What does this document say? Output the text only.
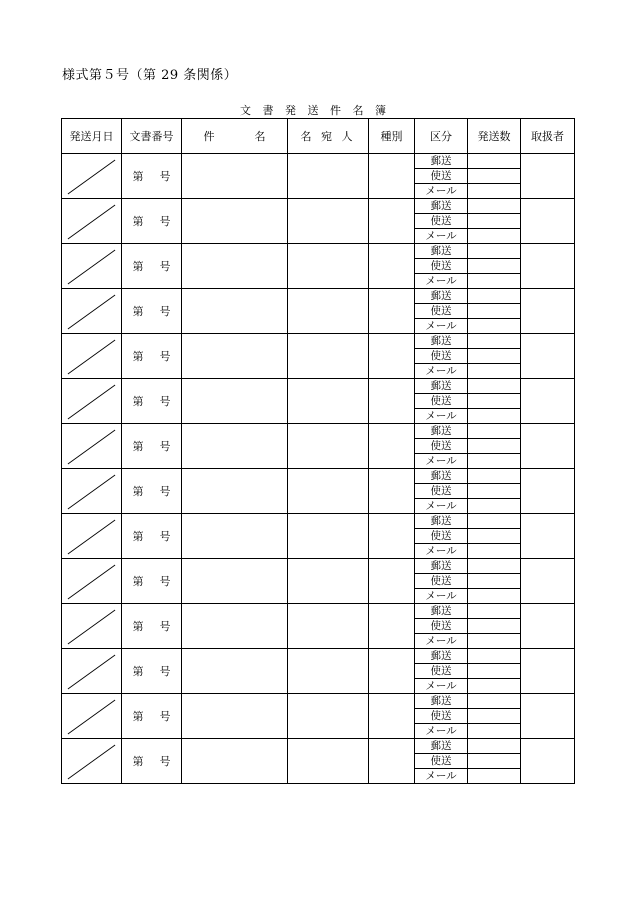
様式第５号（第 29 条関係）
文 書 発 送 件 名 簿
発送月日	文書番号	件 名	名 宛 人	種別	区分	発送数	取扱者

	第 号				郵送		
					使送		
					メール		

	第 号				郵送		
					使送		
					メール		

	第 号				郵送		
					使送		
					メール		

	第 号				郵送		
					使送		
					メール		

	第 号				郵送		
					使送		
					メール		

	第 号				郵送		
					使送		
					メール		

	第 号				郵送		
					使送		
					メール		

	第 号				郵送		
					使送		
					メール		

	第 号				郵送		
					使送		
					メール		

	第 号				郵送		
					使送		
					メール		

	第 号				郵送		
					使送		
					メール		

	第 号				郵送		
					使送		
					メール		

	第 号				郵送		
					使送		
					メール		

	第 号				郵送		
					使送		
					メール		
